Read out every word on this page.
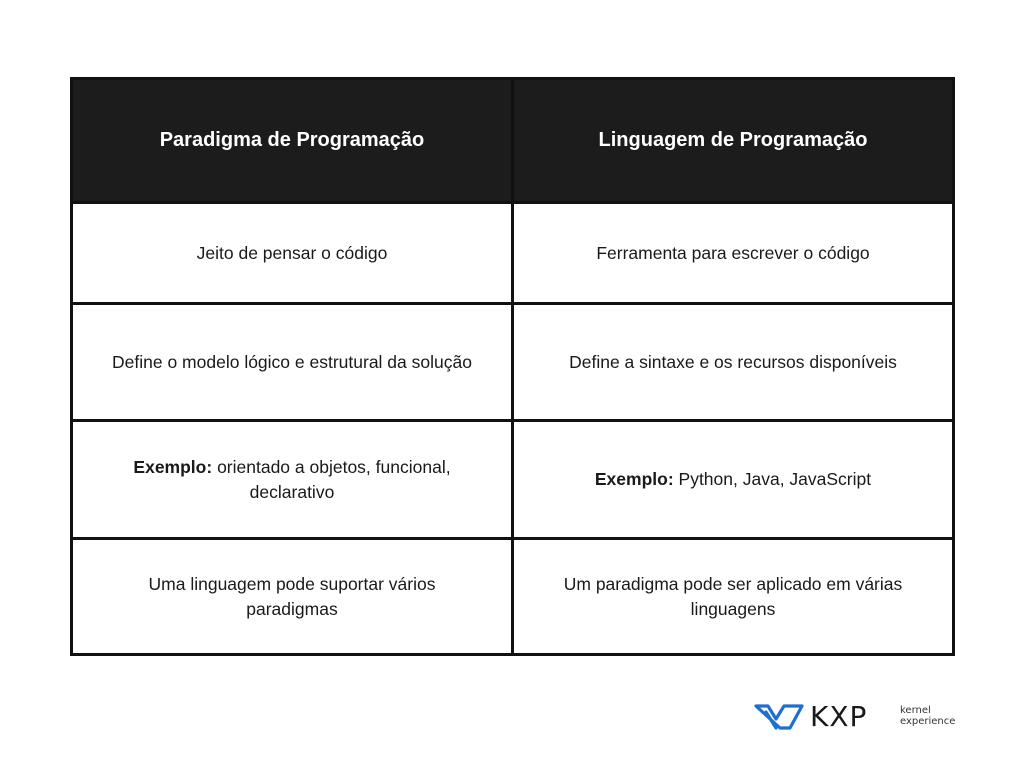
Paradigma de Programação	Linguagem de Programação
Jeito de pensar o código	Ferramenta para escrever o código
Define o modelo lógico e estrutural da solução	Define a sintaxe e os recursos disponíveis
Exemplo: orientado a objetos, funcional, declarativo	Exemplo: Python, Java, JavaScript
Uma linguagem pode suportar vários paradigmas	Um paradigma pode ser aplicado em várias linguagens
KXP	kernel
experience
